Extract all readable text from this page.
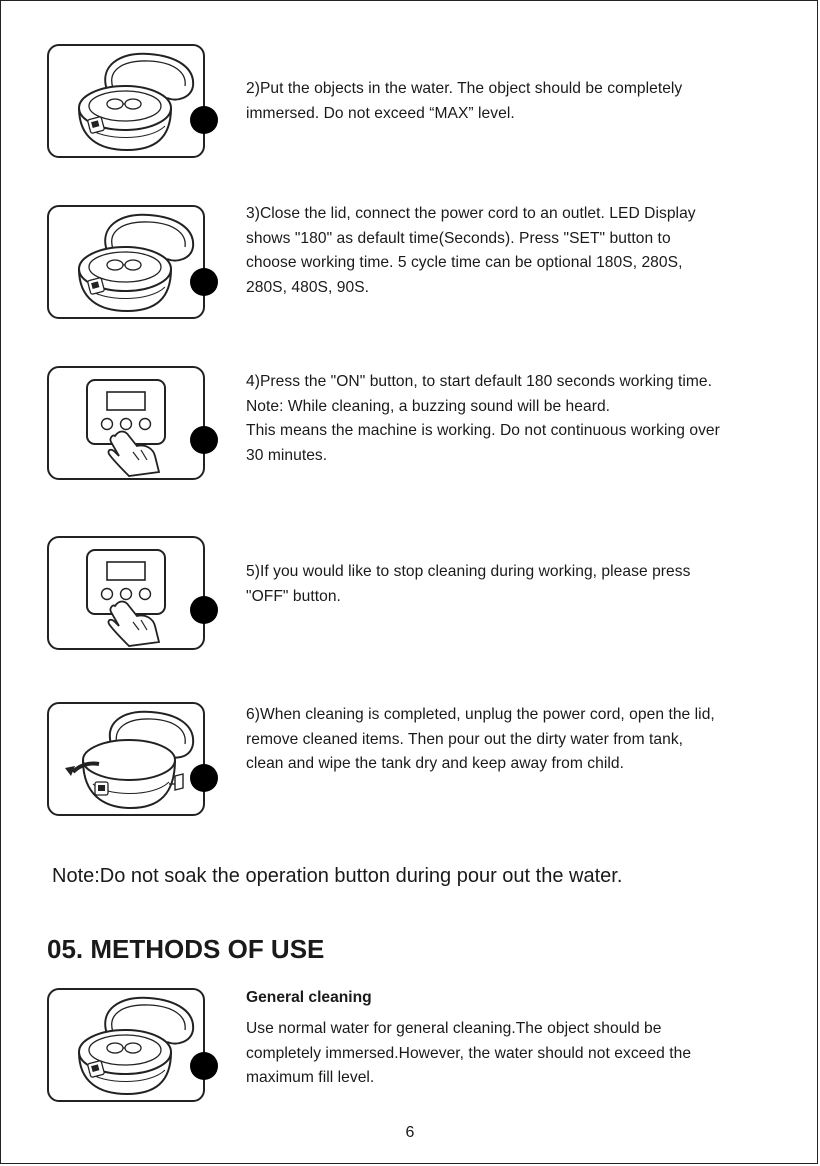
2)Put the objects in the water. The object should be completely

immersed. Do not exceed “MAX” level.

3)Close the lid, connect the power cord to an outlet. LED Display

shows "180" as default time(Seconds). Press "SET" button to

choose working time. 5 cycle time can be optional 180S, 280S,

280S, 480S, 90S.

4)Press the "ON" button, to start default 180 seconds working time.

Note: While cleaning, a buzzing sound will be heard.

This means the machine is working. Do not continuous working over

30 minutes.

5)If you would like to stop cleaning during working, please press

"OFF" button.

6)When cleaning is completed, unplug the power cord, open the lid,

remove cleaned items. Then pour out the dirty water from tank,

clean and wipe the tank dry and keep away from child.

Note:Do not soak the operation button during pour out the water.
05. METHODS OF USE
General cleaning

Use normal water for general cleaning.The object should be

completely immersed.However, the water should not exceed the

maximum fill level.

6
